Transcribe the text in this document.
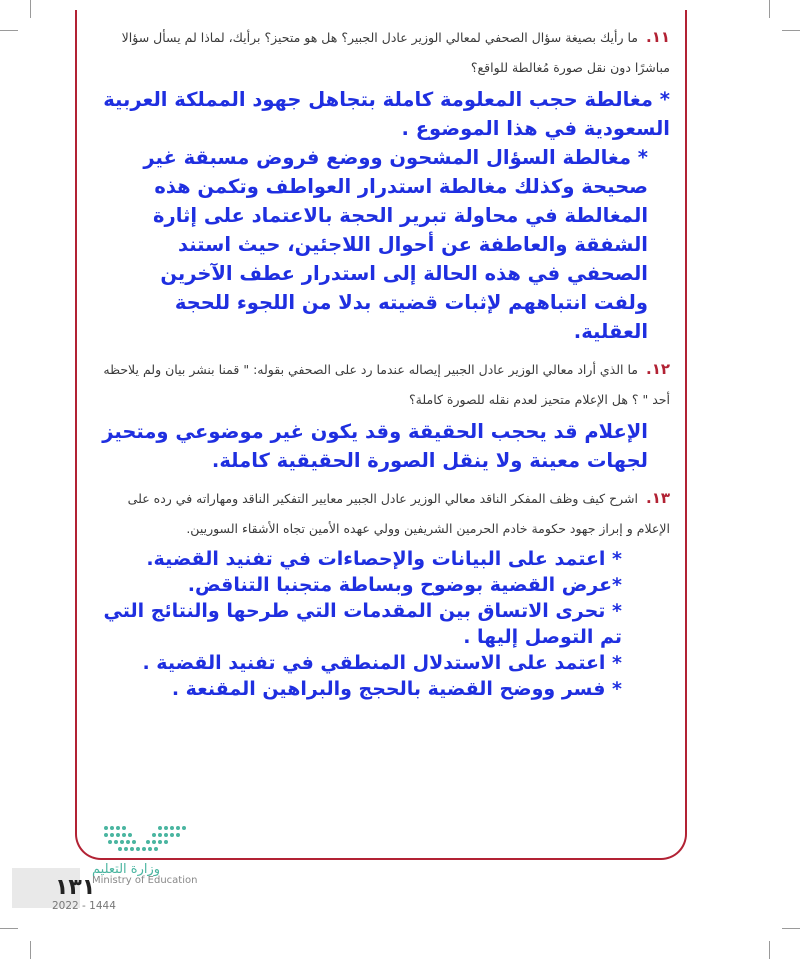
١١. ما رأيك بصيغة سؤال الصحفي لمعالي الوزير عادل الجبير؟ هل هو متحيز؟ برأيك، لماذا لم يسأل سؤالا مباشرًا دون نقل صورة مُغالطة للواقع؟

* مغالطة حجب المعلومة كاملة بتجاهل جهود المملكة العربية السعودية في هذا الموضوع .

* مغالطة السؤال المشحون ووضع فروض مسبقة غير صحيحة وكذلك مغالطة استدرار العواطف وتكمن هذه المغالطة في محاولة تبرير الحجة بالاعتماد على إثارة الشفقة والعاطفة عن أحوال اللاجئين، حيث استند الصحفي في هذه الحالة إلى استدرار عطف الآخرين ولفت انتباههم لإثبات قضيته بدلا من اللجوء للحجة العقلية.

١٢. ما الذي أراد معالي الوزير عادل الجبير إيصاله عندما رد على الصحفي بقوله: " قمنا بنشر بيان ولم يلاحظه أحد " ؟ هل الإعلام متحيز لعدم نقله للصورة كاملة؟

الإعلام قد يحجب الحقيقة وقد يكون غير موضوعي ومتحيز لجهات معينة ولا ينقل الصورة الحقيقية كاملة.

١٣. اشرح كيف وظف المفكر الناقد معالي الوزير عادل الجبير معايير التفكير الناقد ومهاراته في رده على الإعلام و إبراز جهود حكومة خادم الحرمين الشريفين وولي عهده الأمين تجاه الأشقاء السوريين.

* اعتمد على البيانات والإحصاءات في تفنيد القضية.

*عرض القضية بوضوح وبساطة متجنبا التناقض.

* تحرى الاتساق بين المقدمات التي طرحها والنتائج التي تم التوصل إليها .

* اعتمد على الاستدلال المنطقي في تفنيد القضية .

* فسر ووضح القضية بالحجج والبراهين المقنعة .

وزارة التعليم
Ministry of Education
١٣١
2022 - 1444
